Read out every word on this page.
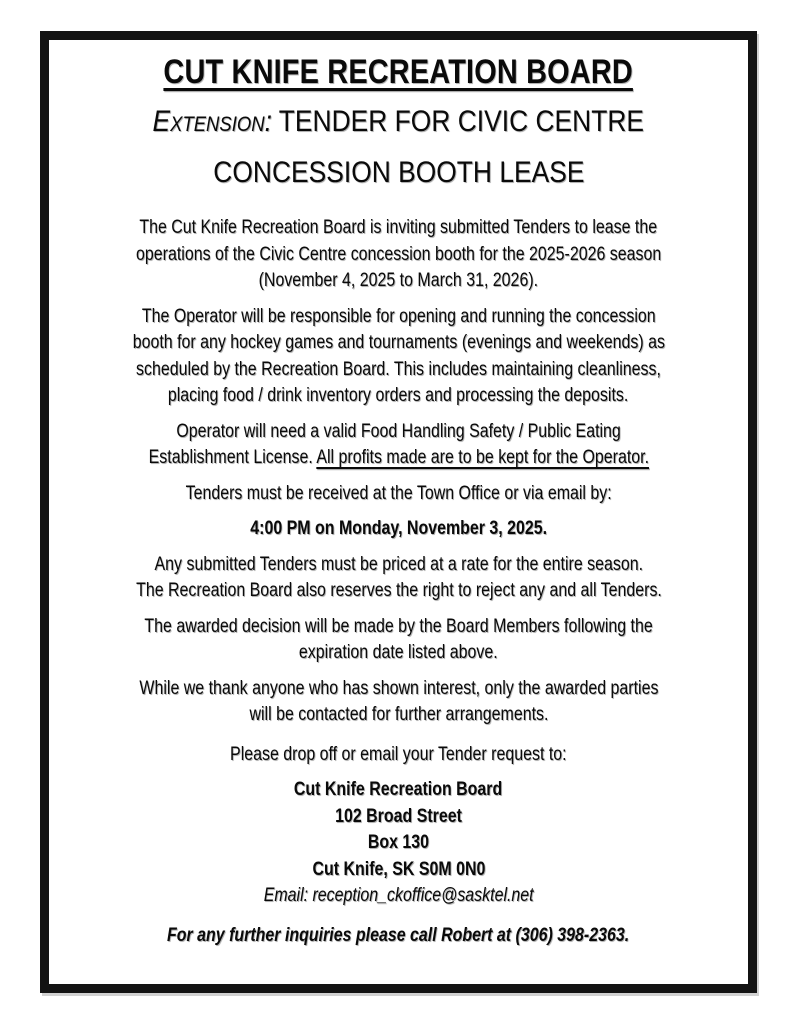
CUT KNIFE RECREATION BOARD
Extension: TENDER FOR CIVIC CENTRE
CONCESSION BOOTH LEASE
The Cut Knife Recreation Board is inviting submitted Tenders to lease the
operations of the Civic Centre concession booth for the 2025-2026 season
(November 4, 2025 to March 31, 2026).
The Operator will be responsible for opening and running the concession
booth for any hockey games and tournaments (evenings and weekends) as
scheduled by the Recreation Board. This includes maintaining cleanliness,
placing food / drink inventory orders and processing the deposits.
Operator will need a valid Food Handling Safety / Public Eating
Establishment License. All profits made are to be kept for the Operator.
Tenders must be received at the Town Office or via email by:
4:00 PM on Monday, November 3, 2025.
Any submitted Tenders must be priced at a rate for the entire season.
The Recreation Board also reserves the right to reject any and all Tenders.
The awarded decision will be made by the Board Members following the
expiration date listed above.
While we thank anyone who has shown interest, only the awarded parties
will be contacted for further arrangements.
Please drop off or email your Tender request to:
Cut Knife Recreation Board
102 Broad Street
Box 130
Cut Knife, SK S0M 0N0
Email: reception_ckoffice@sasktel.net
For any further inquiries please call Robert at (306) 398-2363.
